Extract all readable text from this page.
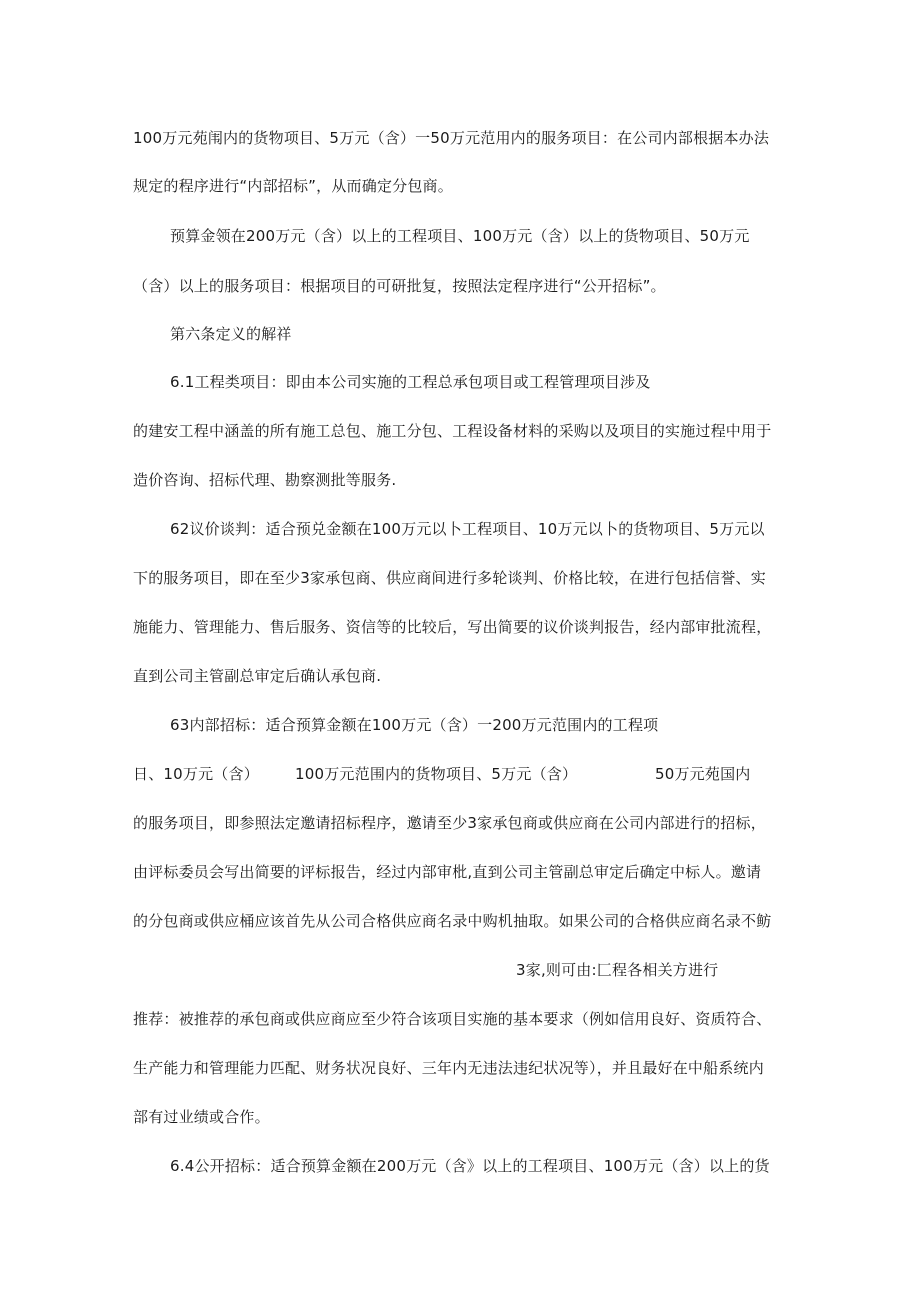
100万元苑闱内的货物项目、5万元（含）一50万元范用内的服务项目：在公司内部根据本办法
规定的程序进行“内部招标”，从而确定分包商。
预算金领在200万元（含）以上的工程项目、100万元（含）以上的货物项目、50万元
（含）以上的服务项目：根据项目的可研批复，按照法定程序进行“公开招标”。
第六条定义的解祥
6.1工程类项目：即由本公司实施的工程总承包项目或工程管理项目涉及
的建安工程中涵盖的所有施工总包、施工分包、工程设备材料的采购以及项目的实施过程中用于
造价咨询、招标代理、勘察测批等服务.
62议价谈判：适合预兑金额在100万元以卜工程项目、10万元以卜的货物项目、5万元以
下的服务项目，即在至少3家承包商、供应商间进行多轮谈判、价格比较，在进行包括信誉、实
施能力、管理能力、售后服务、资信等的比较后，写出简要的议价谈判报告，经内部审批流程，
直到公司主管副总审定后确认承包商.
63内部招标：适合预算金额在100万元（含）一200万元范围内的工程项
日、10万元（含） 100万元范围内的货物项目、5万元（含）	50万元苑国内
的服务项目，即参照法定邀请招标程序，邀请至少3家承包商或供应商在公司内部进行的招标，
由评标委员会写出简要的评标报告，经过内部审枇,直到公司主管副总审定后确定中标人。邀请
的分包商或供应桶应该首先从公司合格供应商名录中购机抽取。如果公司的合格供应商名录不鲂
3家,则可由:匚程各相关方进行
推荐：被推荐的承包商或供应商应至少符合该项目实施的基本要求（例如信用良好、资质符合、
生产能力和管理能力匹配、财务状况良好、三年内无违法违纪状况等），并且最好在中船系统内
部有过业绩或合作。
6.4公开招标：适合预算金额在200万元（含》以上的工程项目、100万元（含）以上的货
